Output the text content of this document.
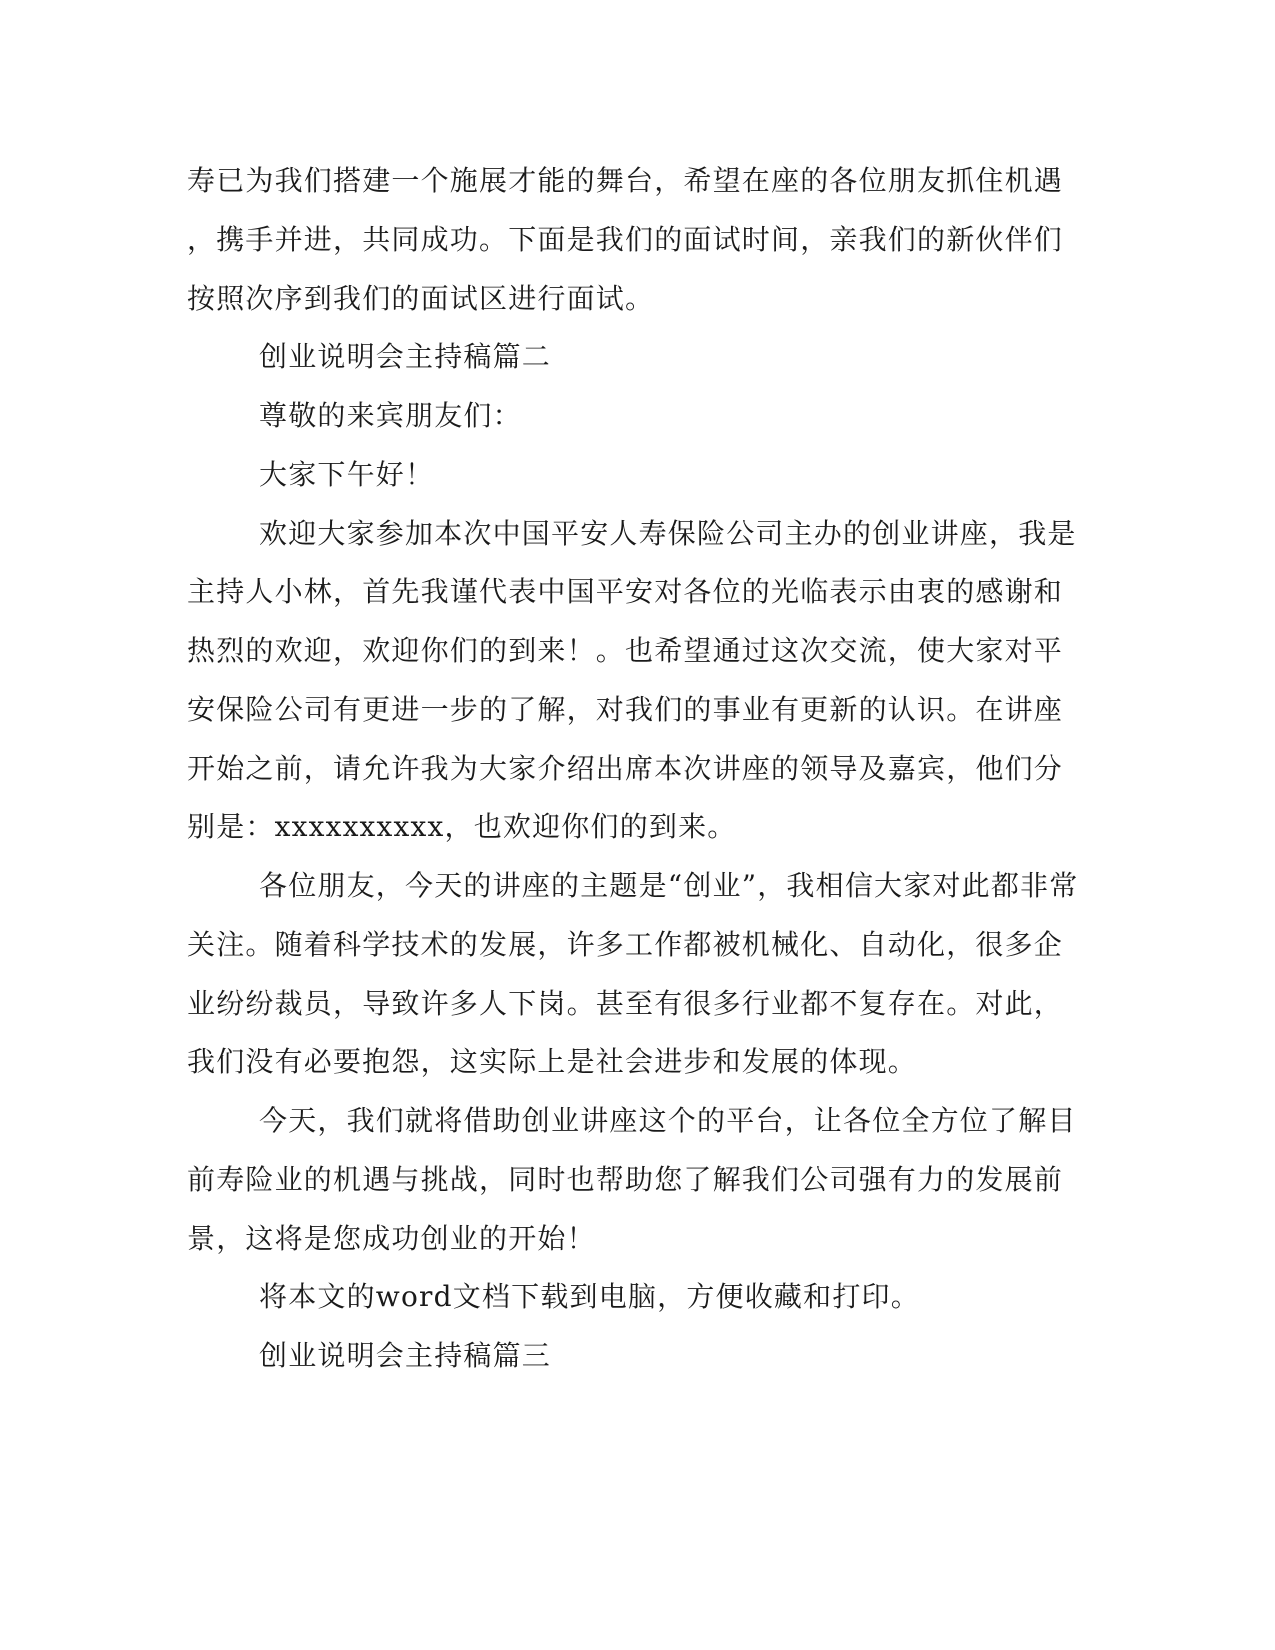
寿已为我们搭建一个施展才能的舞台，希望在座的各位朋友抓住机遇
，携手并进，共同成功。下面是我们的面试时间，亲我们的新伙伴们
按照次序到我们的面试区进行面试。
创业说明会主持稿篇二
尊敬的来宾朋友们：
大家下午好！
欢迎大家参加本次中国平安人寿保险公司主办的创业讲座，我是
主持人小林，首先我谨代表中国平安对各位的光临表示由衷的感谢和
热烈的欢迎，欢迎你们的到来！。也希望通过这次交流，使大家对平
安保险公司有更进一步的了解，对我们的事业有更新的认识。在讲座
开始之前，请允许我为大家介绍出席本次讲座的领导及嘉宾，他们分
别是：xxxxxxxxxx，也欢迎你们的到来。
各位朋友，今天的讲座的主题是“创业”，我相信大家对此都非常
关注。随着科学技术的发展，许多工作都被机械化、自动化，很多企
业纷纷裁员，导致许多人下岗。甚至有很多行业都不复存在。对此，
我们没有必要抱怨，这实际上是社会进步和发展的体现。
今天，我们就将借助创业讲座这个的平台，让各位全方位了解目
前寿险业的机遇与挑战，同时也帮助您了解我们公司强有力的发展前
景，这将是您成功创业的开始！
将本文的word文档下载到电脑，方便收藏和打印。
创业说明会主持稿篇三
